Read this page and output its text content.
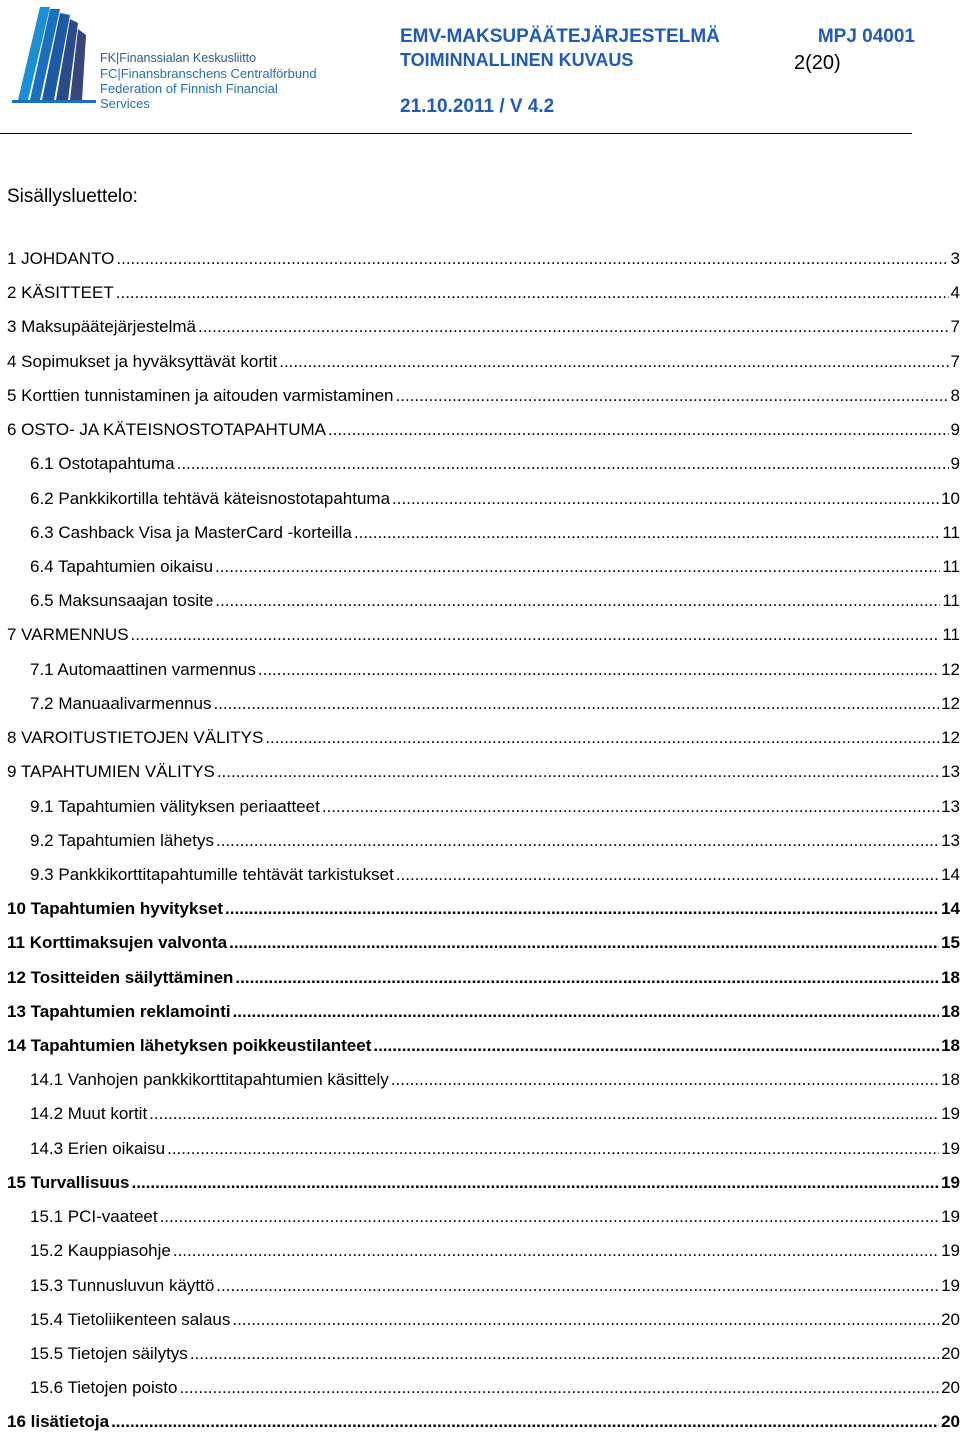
FK|Finanssialan Keskusliitto
FC|Finansbranschens Centralförbund
Federation of Finnish Financial Services
EMV-MAKSUPÄÄTEJÄRJESTELMÄ	MPJ 04001
TOIMINNALLINEN KUVAUS	2(20)
21.10.2011 / V 4.2
Sisällysluettelo:
1 JOHDANTO .....	3
2 KÄSITTEET .....	4
3 Maksupäätejärjestelmä .....	7
4 Sopimukset ja hyväksyttävät kortit .....	7
5 Korttien tunnistaminen ja aitouden varmistaminen .....	8
6 OSTO- JA KÄTEISNOSTOTAPAHTUMA .....	9
6.1 Ostotapahtuma .....	9
6.2 Pankkikortilla tehtävä käteisnostotapahtuma .....	10
6.3 Cashback Visa ja MasterCard -korteilla .....	11
6.4 Tapahtumien oikaisu .....	11
6.5 Maksunsaajan tosite .....	11
7 VARMENNUS .....	11
7.1 Automaattinen varmennus .....	12
7.2 Manuaalivarmennus .....	12
8 VAROITUSTIETOJEN VÄLITYS .....	12
9 TAPAHTUMIEN VÄLITYS .....	13
9.1 Tapahtumien välityksen periaatteet .....	13
9.2 Tapahtumien lähetys .....	13
9.3 Pankkikorttitapahtumille tehtävät tarkistukset .....	14
10 Tapahtumien hyvitykset .....	14
11 Korttimaksujen valvonta .....	15
12 Tositteiden säilyttäminen .....	18
13 Tapahtumien reklamointi .....	18
14 Tapahtumien lähetyksen poikkeustilanteet .....	18
14.1 Vanhojen pankkikorttitapahtumien käsittely .....	18
14.2 Muut kortit .....	19
14.3 Erien oikaisu .....	19
15 Turvallisuus .....	19
15.1 PCI-vaateet .....	19
15.2 Kauppiasohje .....	19
15.3 Tunnusluvun käyttö .....	19
15.4 Tietoliikenteen salaus .....	20
15.5 Tietojen säilytys .....	20
15.6 Tietojen poisto .....	20
16 lisätietoja .....	20
